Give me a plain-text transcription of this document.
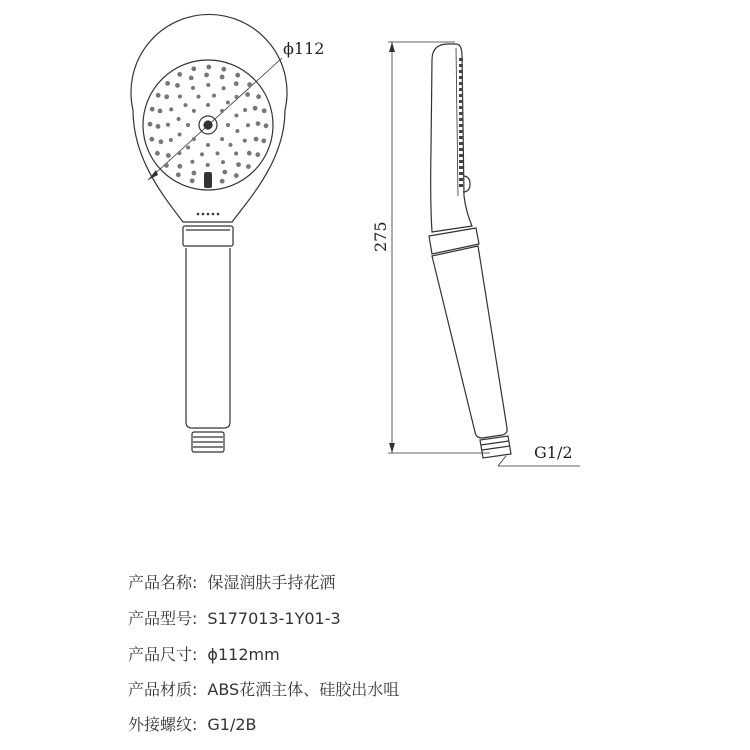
ϕ112
275
G1/2
产品名称: 保湿润肤手持花洒
产品型号: S177013-1Y01-3
产品尺寸: ϕ112mm
产品材质: ABS花洒主体、硅胶出水咀
外接螺纹: G1/2B
